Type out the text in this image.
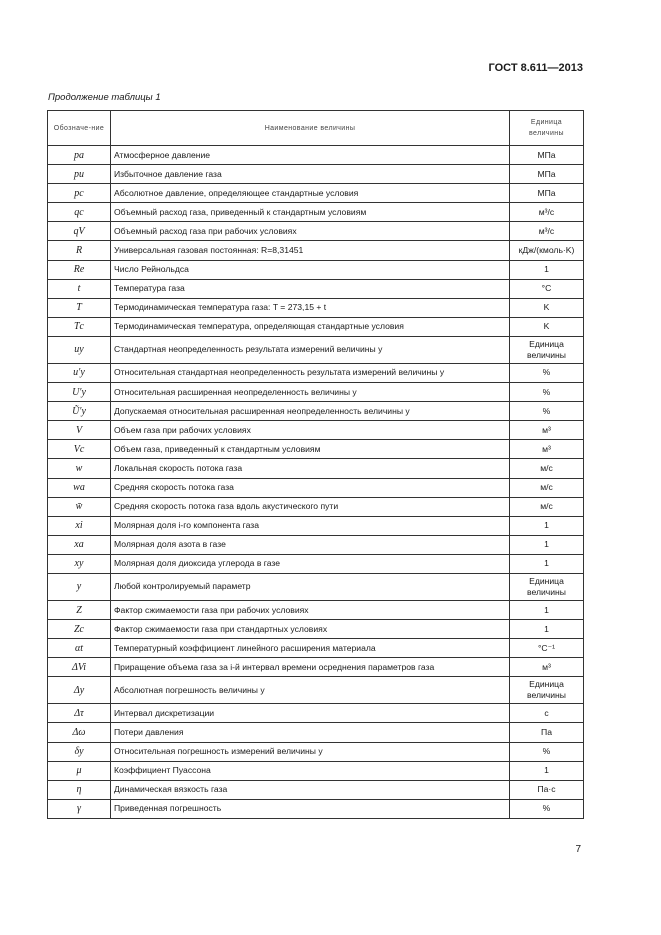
ГОСТ 8.611—2013
Продолжение таблицы 1
Обозначе-ние	Наименование величины	Единица величины
pа	Атмосферное давление	МПа
pи	Избыточное давление газа	МПа
pс	Абсолютное давление, определяющее стандартные условия	МПа
qс	Объемный расход газа, приведенный к стандартным условиям	м³/с
qV	Объемный расход газа при рабочих условиях	м³/с
R	Универсальная газовая постоянная: R=8,31451	кДж/(кмоль·K)
Re	Число Рейнольдса	1
t	Температура газа	°С
T	Термодинамическая температура газа: T = 273,15 + t	K
Tс	Термодинамическая температура, определяющая стандартные условия	K
uy	Стандартная неопределенность результата измерений величины y	Единица величины
u′y	Относительная стандартная неопределенность результата измерений величины y	%
U′y	Относительная расширенная неопределенность величины y	%
Ũ′y	Допускаемая относительная расширенная неопределенность величины y	%
V	Объем газа при рабочих условиях	м³
Vс	Объем газа, приведенный к стандартным условиям	м³
w	Локальная скорость потока газа	м/с
wа	Средняя скорость потока газа	м/с
w̄	Средняя скорость потока газа вдоль акустического пути	м/с
xi	Молярная доля i-го компонента газа	1
xа	Молярная доля азота в газе	1
xy	Молярная доля диоксида углерода в газе	1
y	Любой контролируемый параметр	Единица величины
Z	Фактор сжимаемости газа при рабочих условиях	1
Zс	Фактор сжимаемости газа при стандартных условиях	1
αt	Температурный коэффициент линейного расширения материала	°С⁻¹
ΔVi	Приращение объема газа за i-й интервал времени осреднения параметров газа	м³
Δy	Абсолютная погрешность величины y	Единица величины
Δτ	Интервал дискретизации	с
Δω	Потери давления	Па
δy	Относительная погрешность измерений величины y	%
μ	Коэффициент Пуассона	1
η	Динамическая вязкость газа	Па·с
γ	Приведенная погрешность	%
7
